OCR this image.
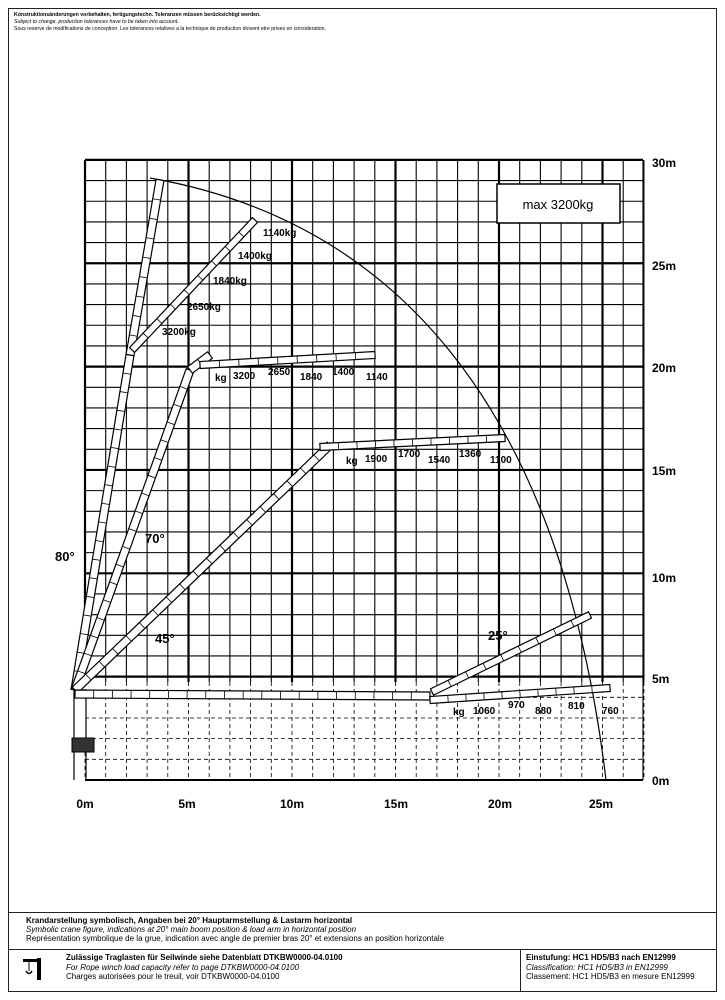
Konstruktionsänderungen vorbehalten, fertigungstechn. Toleranzen müssen berücksichtigt werden.
Subject to change, production tolerances have to be taken into account.
Sous reserve de modifications de conception. Les tolerances relatives a la technique de production doivent etre prises en consideration.
max 3200kg
0m	5m	10m	15m	20m	25m
0m
5m
10m
15m
20m
25m
30m
80°
70°
45°	25°
1140kg
1400kg
1840kg
2650kg
3200kg
kg 3200 2650 1840 1400 1140
kg 1900 1700
1540
1360
1100
kg 1060
970
880 810 760
Krandarstellung symbolisch, Angaben bei 20° Hauptarmstellung & Lastarm horizontal
Symbolic crane figure, indications at 20° main boom position & load arm in horizontal position
Représentation symbolique de la grue, indication avec angle de premier bras 20° et extensions an position horizontale
Zulässige Traglasten für Seilwinde siehe Datenblatt DTKBW0000-04.0100
For Rope winch load capacity refer to page DTKBW0000-04.0100
Charges autorisées pour le treuil, voir DTKBW0000-04.0100
Einstufung: HC1 HD5/B3 nach EN12999
Classification: HC1 HD5/B3 in EN12999
Classement: HC1 HD5/B3 en mesure EN12999
